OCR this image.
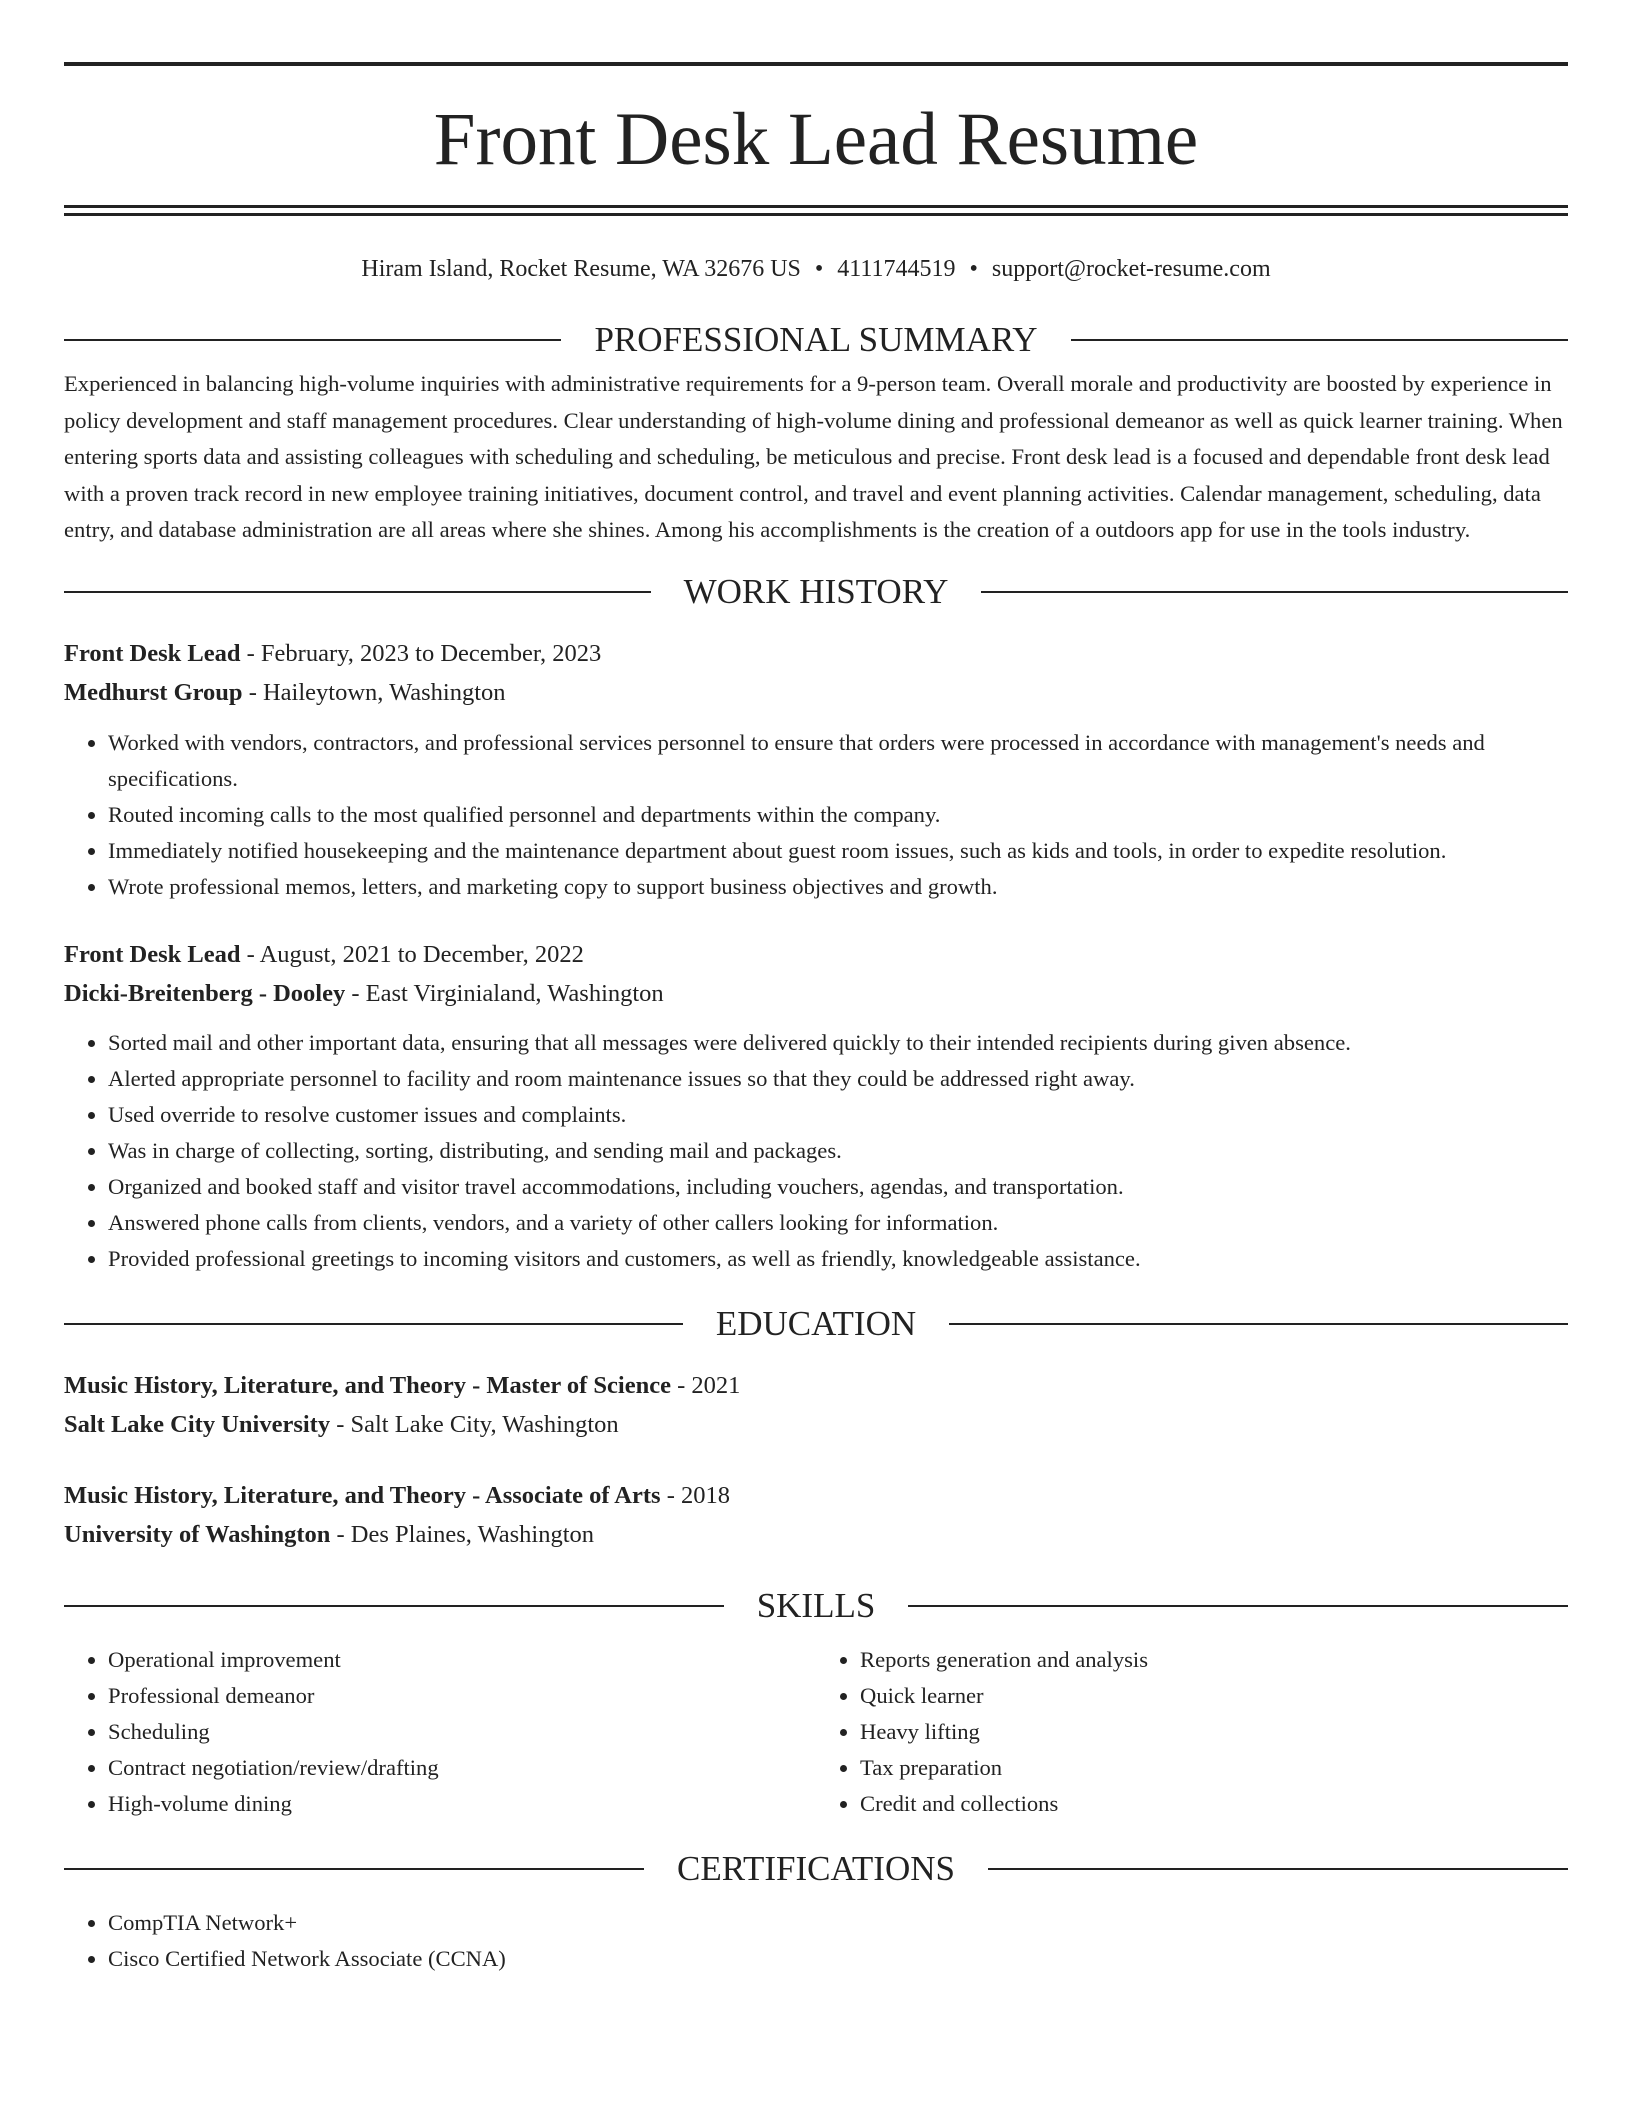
Front Desk Lead Resume
Hiram Island, Rocket Resume, WA 32676 US • 4111744519 • support@rocket-resume.com
PROFESSIONAL SUMMARY

Experienced in balancing high-volume inquiries with administrative requirements for a 9-person team. Overall morale and productivity are boosted by experience in policy development and staff management procedures. Clear understanding of high-volume dining and professional demeanor as well as quick learner training. When entering sports data and assisting colleagues with scheduling and scheduling, be meticulous and precise. Front desk lead is a focused and dependable front desk lead with a proven track record in new employee training initiatives, document control, and travel and event planning activities. Calendar management, scheduling, data entry, and database administration are all areas where she shines. Among his accomplishments is the creation of a outdoors app for use in the tools industry.

WORK HISTORY
Front Desk Lead - February, 2023 to December, 2023
Medhurst Group - Haileytown, Washington
• Worked with vendors, contractors, and professional services personnel to ensure that orders were processed in accordance with management's needs and specifications.
• Routed incoming calls to the most qualified personnel and departments within the company.
• Immediately notified housekeeping and the maintenance department about guest room issues, such as kids and tools, in order to expedite resolution.
• Wrote professional memos, letters, and marketing copy to support business objectives and growth.
Front Desk Lead - August, 2021 to December, 2022
Dicki-Breitenberg - Dooley - East Virginialand, Washington
• Sorted mail and other important data, ensuring that all messages were delivered quickly to their intended recipients during given absence.
• Alerted appropriate personnel to facility and room maintenance issues so that they could be addressed right away.
• Used override to resolve customer issues and complaints.
• Was in charge of collecting, sorting, distributing, and sending mail and packages.
• Organized and booked staff and visitor travel accommodations, including vouchers, agendas, and transportation.
• Answered phone calls from clients, vendors, and a variety of other callers looking for information.
• Provided professional greetings to incoming visitors and customers, as well as friendly, knowledgeable assistance.
EDUCATION
Music History, Literature, and Theory - Master of Science - 2021
Salt Lake City University - Salt Lake City, Washington
Music History, Literature, and Theory - Associate of Arts - 2018
University of Washington - Des Plaines, Washington
SKILLS
• Operational improvement
• Professional demeanor
• Scheduling
• Contract negotiation/review/drafting
• High-volume dining
• Reports generation and analysis
• Quick learner
• Heavy lifting
• Tax preparation
• Credit and collections
CERTIFICATIONS
• CompTIA Network+
• Cisco Certified Network Associate (CCNA)
